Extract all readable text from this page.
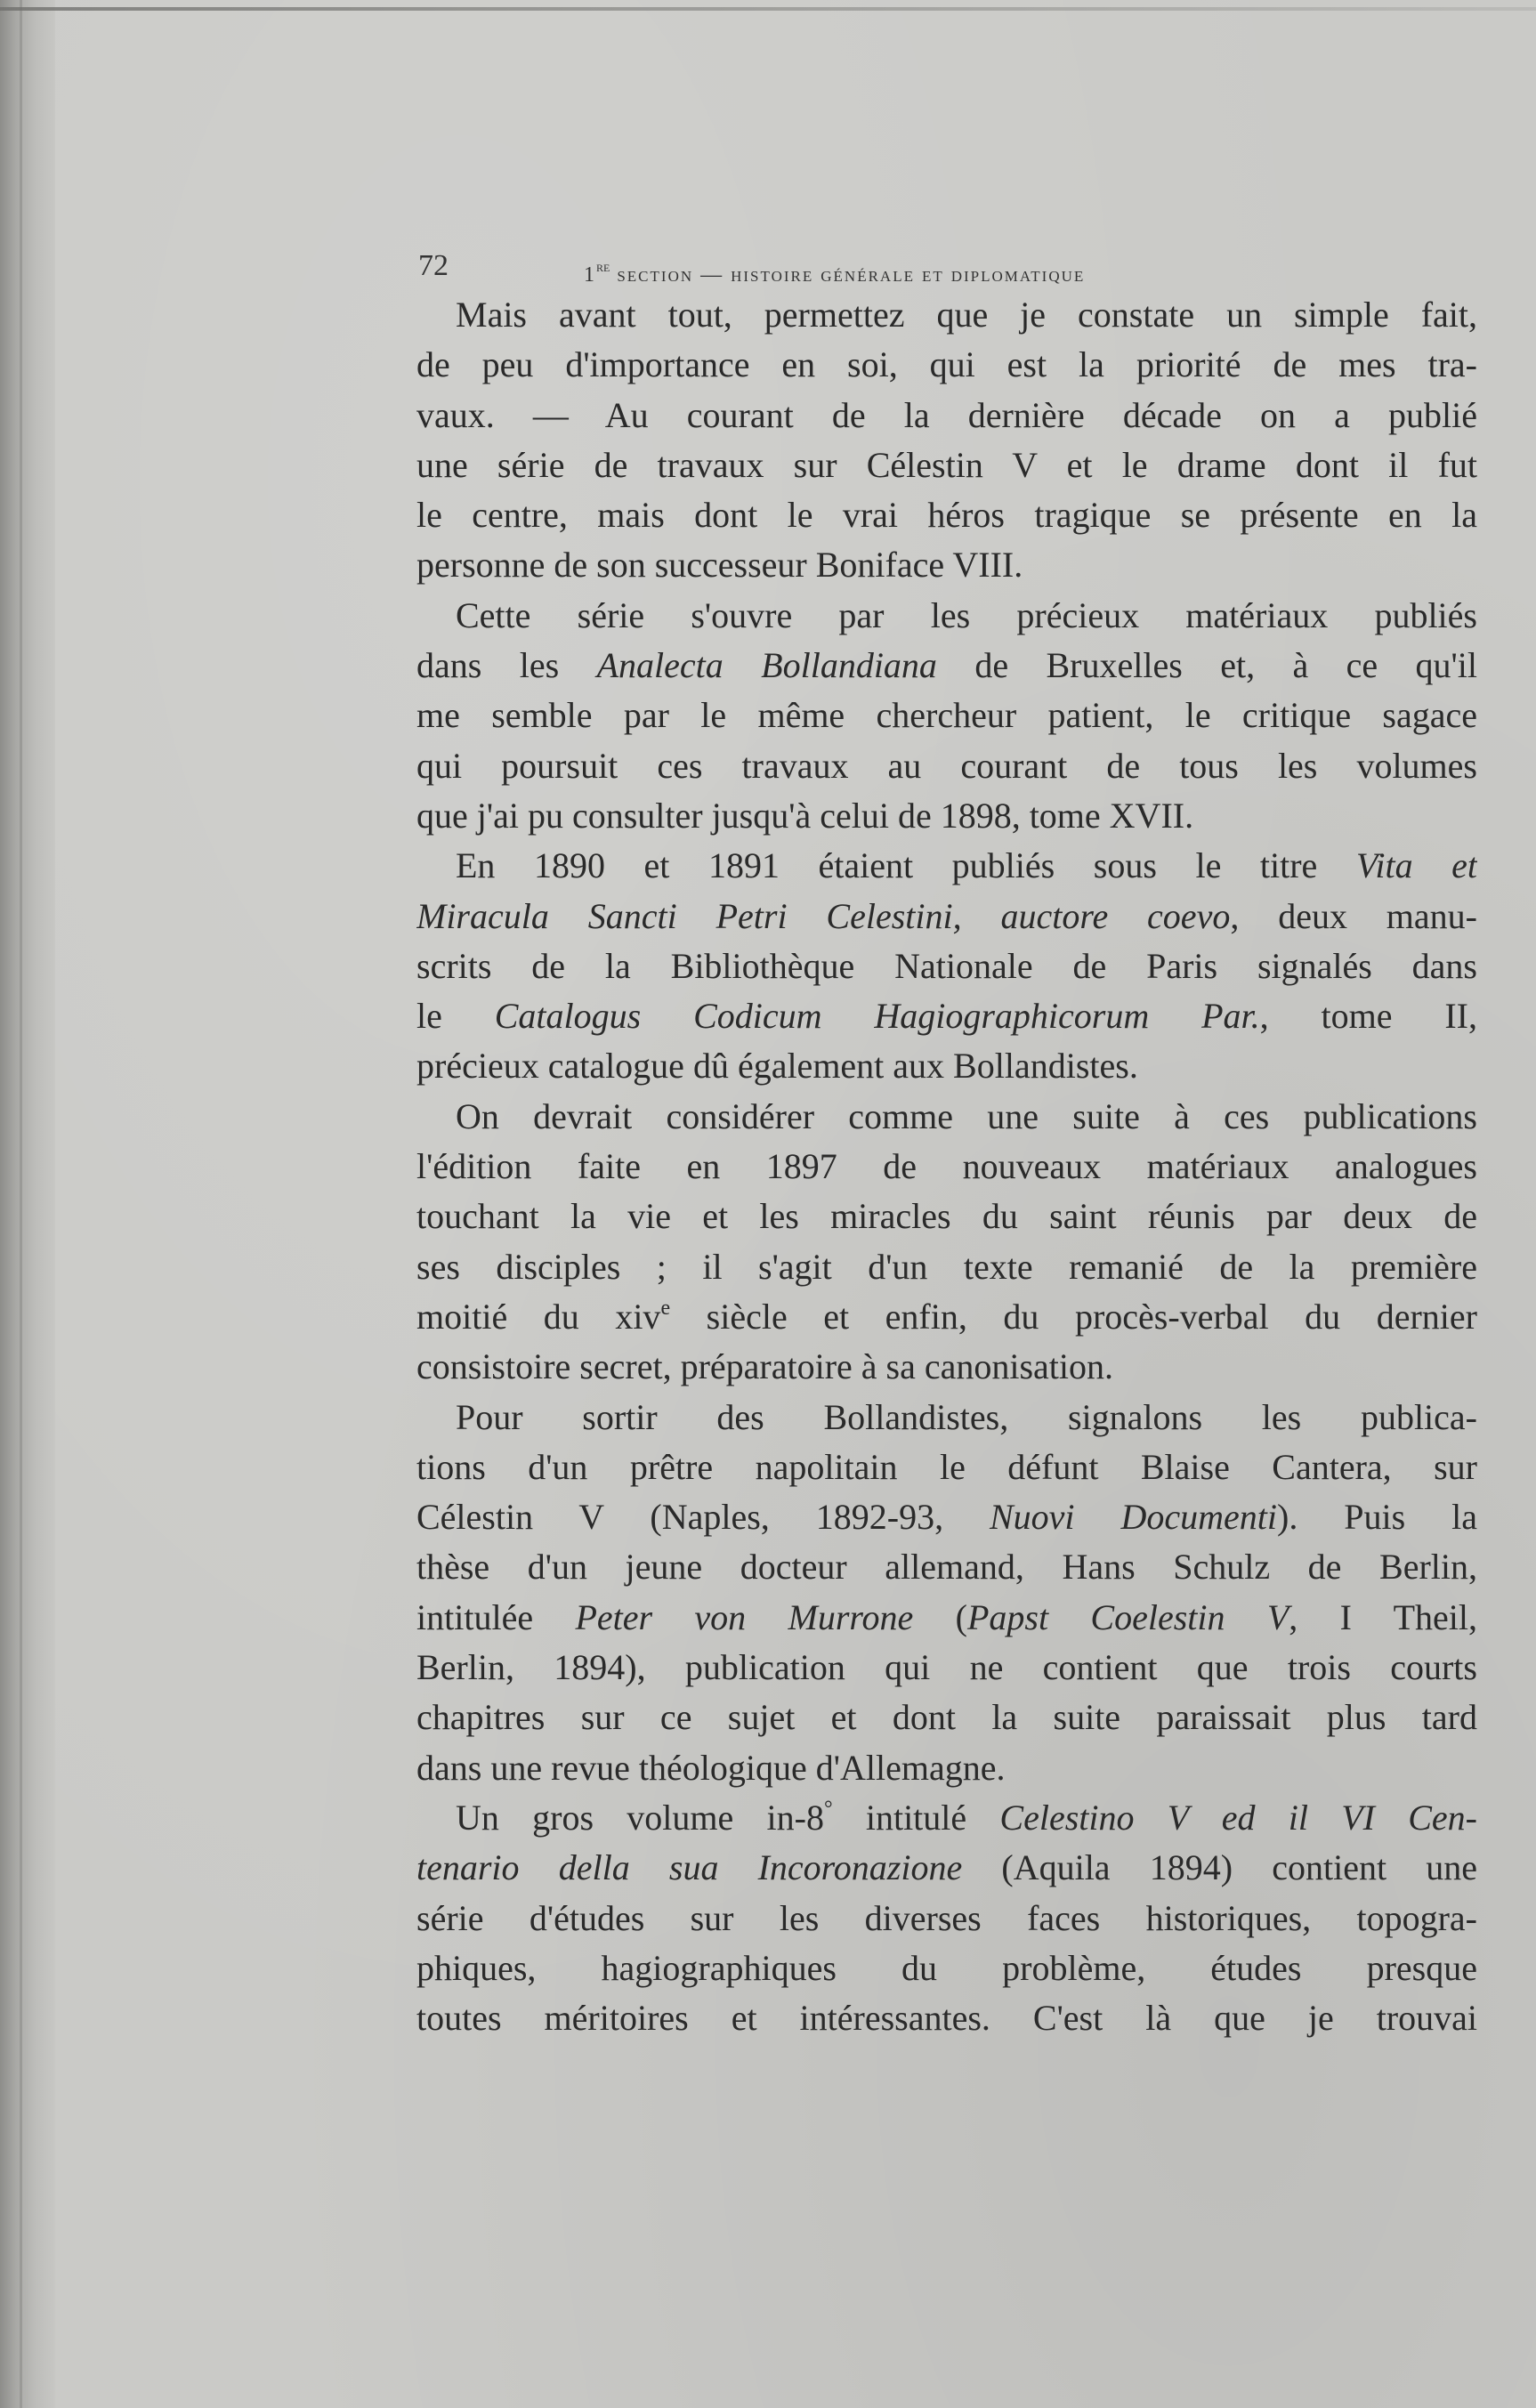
72	1re section — histoire générale et diplomatique
Mais avant tout, permettez que je constate un simple fait,
de peu d'importance en soi, qui est la priorité de mes tra-
vaux. — Au courant de la dernière décade on a publié
une série de travaux sur Célestin V et le drame dont il fut
le centre, mais dont le vrai héros tragique se présente en la
personne de son successeur Boniface VIII.
Cette série s'ouvre par les précieux matériaux publiés
dans les Analecta Bollandiana de Bruxelles et, à ce qu'il
me semble par le même chercheur patient, le critique sagace
qui poursuit ces travaux au courant de tous les volumes
que j'ai pu consulter jusqu'à celui de 1898, tome XVII.
En 1890 et 1891 étaient publiés sous le titre Vita et
Miracula Sancti Petri Celestini, auctore coevo, deux manu-
scrits de la Bibliothèque Nationale de Paris signalés dans
le Catalogus Codicum Hagiographicorum Par., tome II,
précieux catalogue dû également aux Bollandistes.
On devrait considérer comme une suite à ces publications
l'édition faite en 1897 de nouveaux matériaux analogues
touchant la vie et les miracles du saint réunis par deux de
ses disciples ; il s'agit d'un texte remanié de la première
moitié du xiv$^e$ siècle et enfin, du procès-verbal du dernier
consistoire secret, préparatoire à sa canonisation.
Pour sortir des Bollandistes, signalons les publica-
tions d'un prêtre napolitain le défunt Blaise Cantera, sur
Célestin V (Naples, 1892-93, Nuovi Documenti). Puis la
thèse d'un jeune docteur allemand, Hans Schulz de Berlin,
intitulée Peter von Murrone (Papst Coelestin V, I Theil,
Berlin, 1894), publication qui ne contient que trois courts
chapitres sur ce sujet et dont la suite paraissait plus tard
dans une revue théologique d'Allemagne.
Un gros volume in-8° intitulé Celestino V ed il VI Cen-
tenario della sua Incoronazione (Aquila 1894) contient une
série d'études sur les diverses faces historiques, topogra-
phiques, hagiographiques du problème, études presque
toutes méritoires et intéressantes. C'est là que je trouvai
